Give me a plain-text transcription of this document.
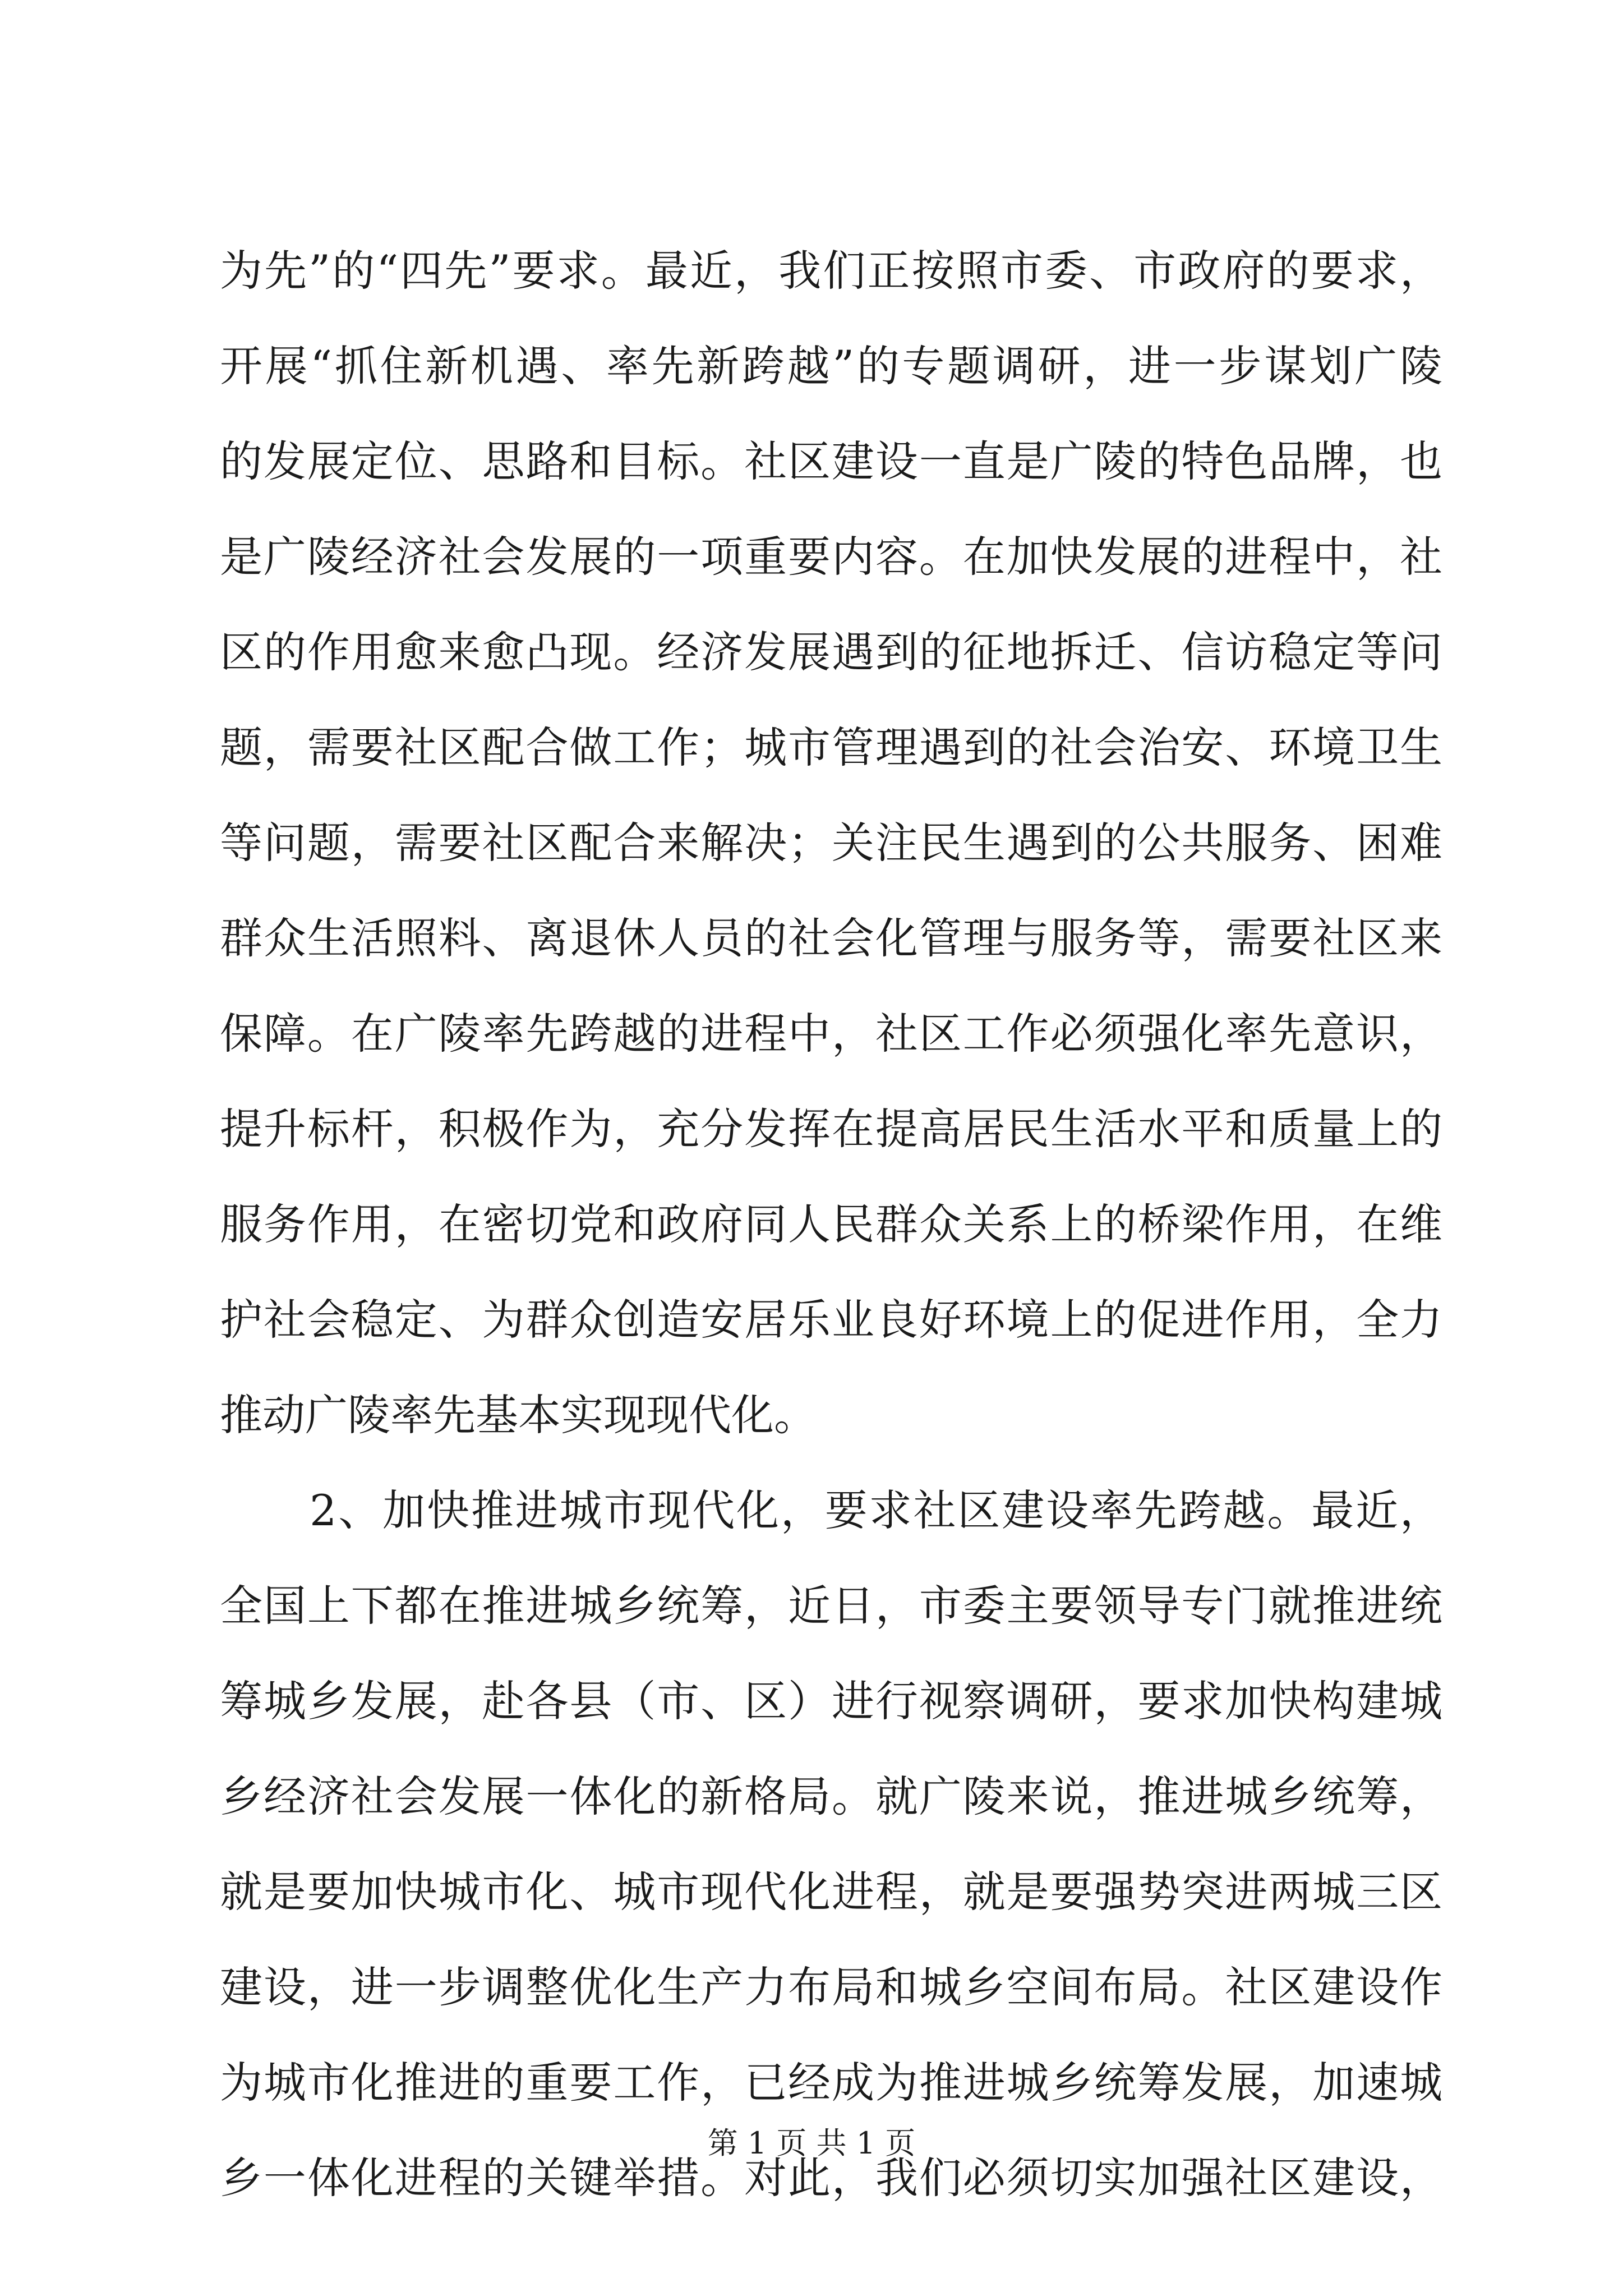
为先”的“四先”要求。最近，我们正按照市委、市政府的要求，
开展“抓住新机遇、率先新跨越”的专题调研，进一步谋划广陵
的发展定位、思路和目标。社区建设一直是广陵的特色品牌，也
是广陵经济社会发展的一项重要内容。在加快发展的进程中，社
区的作用愈来愈凸现。经济发展遇到的征地拆迁、信访稳定等问
题，需要社区配合做工作；城市管理遇到的社会治安、环境卫生
等问题，需要社区配合来解决；关注民生遇到的公共服务、困难
群众生活照料、离退休人员的社会化管理与服务等，需要社区来
保障。在广陵率先跨越的进程中，社区工作必须强化率先意识，
提升标杆，积极作为，充分发挥在提高居民生活水平和质量上的
服务作用，在密切党和政府同人民群众关系上的桥梁作用，在维
护社会稳定、为群众创造安居乐业良好环境上的促进作用，全力
推动广陵率先基本实现现代化。
2、加快推进城市现代化，要求社区建设率先跨越。最近，
全国上下都在推进城乡统筹，近日，市委主要领导专门就推进统
筹城乡发展，赴各县（市、区）进行视察调研，要求加快构建城
乡经济社会发展一体化的新格局。就广陵来说，推进城乡统筹，
就是要加快城市化、城市现代化进程，就是要强势突进两城三区
建设，进一步调整优化生产力布局和城乡空间布局。社区建设作
为城市化推进的重要工作，已经成为推进城乡统筹发展，加速城
乡一体化进程的关键举措。对此，我们必须切实加强社区建设，
第 1 页 共 1 页
